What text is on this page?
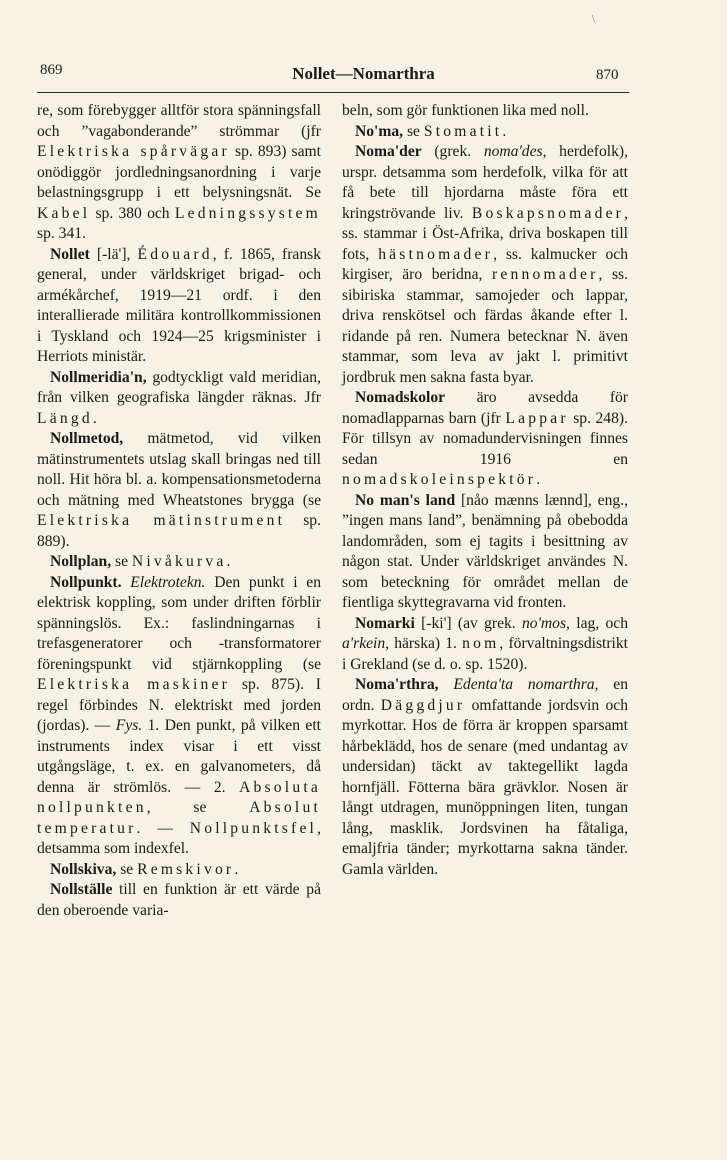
869	Nollet—Nomarthra	870
\

re, som förebygger alltför stora spänningsfall och ”vagabonderande” strömmar (jfr Elektriska spårvägar sp. 893) samt onödiggör jordledningsanordning i varje belastningsgrupp i ett belysningsnät. Se Kabel sp. 380 och Ledningssystem sp. 341.

Nollet [-lä'], Édouard, f. 1865, fransk general, under världskriget brigad- och armékårchef, 1919—21 ordf. i den interallierade militära kontrollkommissionen i Tyskland och 1924—25 krigsminister i Herriots ministär.

Nollmeridia'n, godtyckligt vald meridian, från vilken geografiska längder räknas. Jfr Längd.

Nollmetod, mätmetod, vid vilken mätinstrumentets utslag skall bringas ned till noll. Hit höra bl. a. kompensationsmetoderna och mätning med Wheatstones brygga (se Elektriska mätinstrument sp. 889).

Nollplan, se Nivåkurva.

Nollpunkt. Elektrotekn. Den punkt i en elektrisk koppling, som under driften förblir spänningslös. Ex.: faslindningarnas i trefasgeneratorer och -transformatorer föreningspunkt vid stjärnkoppling (se Elektriska maskiner sp. 875). I regel förbindes N. elektriskt med jorden (jordas). — Fys. 1. Den punkt, på vilken ett instruments index visar i ett visst utgångsläge, t. ex. en galvanometers, då denna är strömlös. — 2. Absoluta nollpunkten, se Absolut temperatur. — Nollpunktsfel, detsamma som indexfel.

Nollskiva, se Remskivor.

Nollställe till en funktion är ett värde på den oberoende varia-

beln, som gör funktionen lika med noll.

No'ma, se Stomatit.

Noma'der (grek. noma'des, herdefolk), urspr. detsamma som herdefolk, vilka för att få bete till hjordarna måste föra ett kringströvande liv. Boskapsnomader, ss. stammar i Öst-Afrika, driva boskapen till fots, hästnomader, ss. kalmucker och kirgiser, äro beridna, rennomader, ss. sibiriska stammar, samojeder och lappar, driva renskötsel och färdas åkande efter l. ridande på ren. Numera betecknar N. även stammar, som leva av jakt l. primitivt jordbruk men sakna fasta byar.

Nomadskolor äro avsedda för nomadlapparnas barn (jfr Lappar sp. 248). För tillsyn av nomadundervisningen finnes sedan 1916 en nomadskoleinspektör.

No man's land [nåo mænns lænnd], eng., ”ingen mans land”, benämning på obebodda landområden, som ej tagits i besittning av någon stat. Under världskriget användes N. som beteckning för området mellan de fientliga skyttegravarna vid fronten.

Nomarki [-ki'] (av grek. no'mos, lag, och a'rkein, härska) 1. nom, förvaltningsdistrikt i Grekland (se d. o. sp. 1520).

Noma'rthra, Edenta'ta nomarthra, en ordn. Däggdjur omfattande jordsvin och myrkottar. Hos de förra är kroppen sparsamt hårbeklädd, hos de senare (med undantag av undersidan) täckt av taktegellikt lagda hornfjäll. Fötterna bära grävklor. Nosen är långt utdragen, munöppningen liten, tungan lång, masklik. Jordsvinen ha fåtaliga, emaljfria tänder; myrkottarna sakna tänder. Gamla världen.
